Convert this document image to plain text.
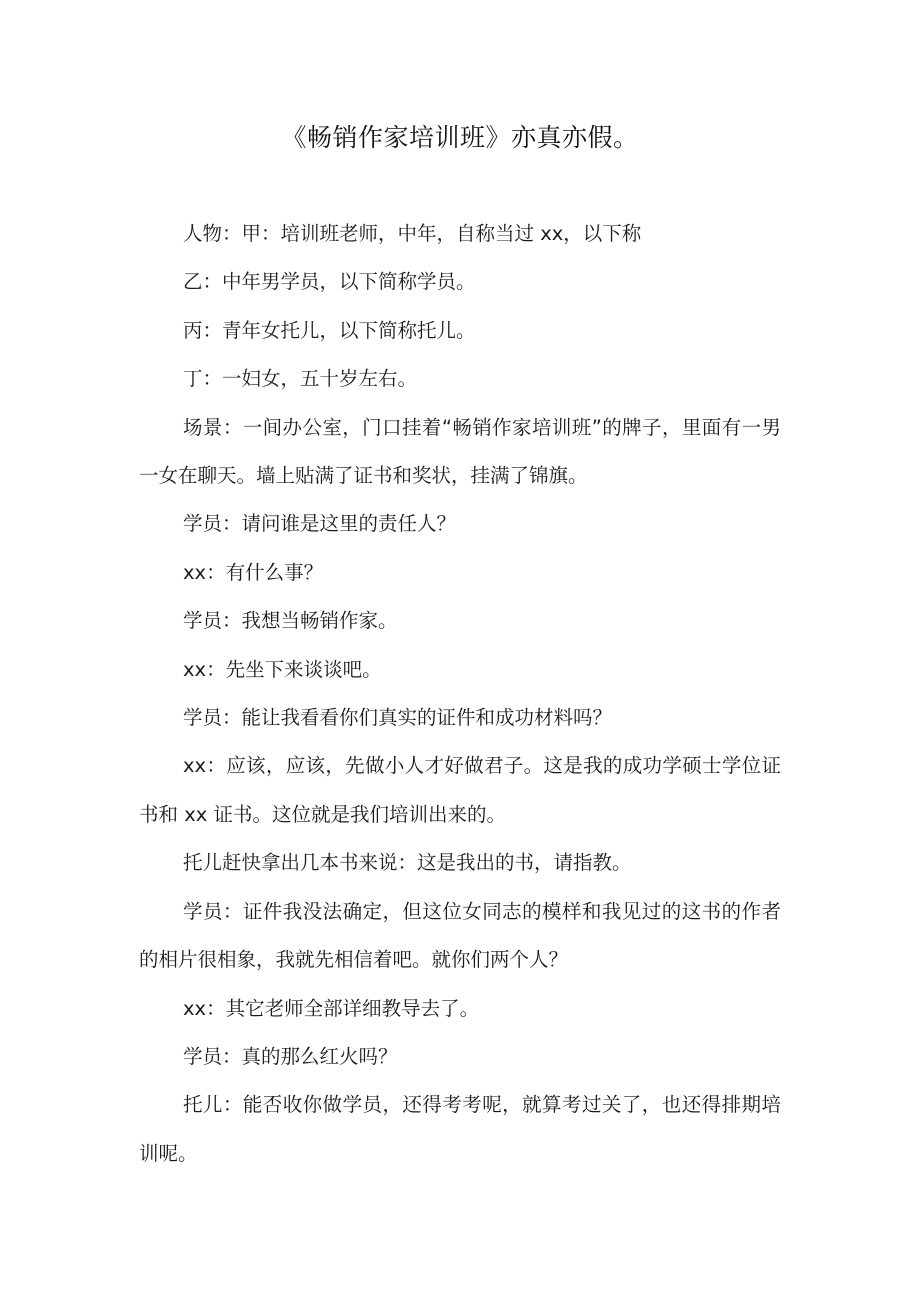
《畅销作家培训班》亦真亦假。

人物：甲：培训班老师，中年，自称当过 xx，以下称

乙：中年男学员，以下简称学员。

丙：青年女托儿，以下简称托儿。

丁：一妇女，五十岁左右。

场景：一间办公室，门口挂着“畅销作家培训班”的牌子，里面有一男一女在聊天。墙上贴满了证书和奖状，挂满了锦旗。

学员：请问谁是这里的责任人？

xx：有什么事？

学员：我想当畅销作家。

xx：先坐下来谈谈吧。

学员：能让我看看你们真实的证件和成功材料吗？

xx：应该，应该，先做小人才好做君子。这是我的成功学硕士学位证书和 xx 证书。这位就是我们培训出来的。

托儿赶快拿出几本书来说：这是我出的书，请指教。

学员：证件我没法确定，但这位女同志的模样和我见过的这书的作者的相片很相象，我就先相信着吧。就你们两个人？

xx：其它老师全部详细教导去了。

学员：真的那么红火吗？

托儿：能否收你做学员，还得考考呢，就算考过关了，也还得排期培训呢。
